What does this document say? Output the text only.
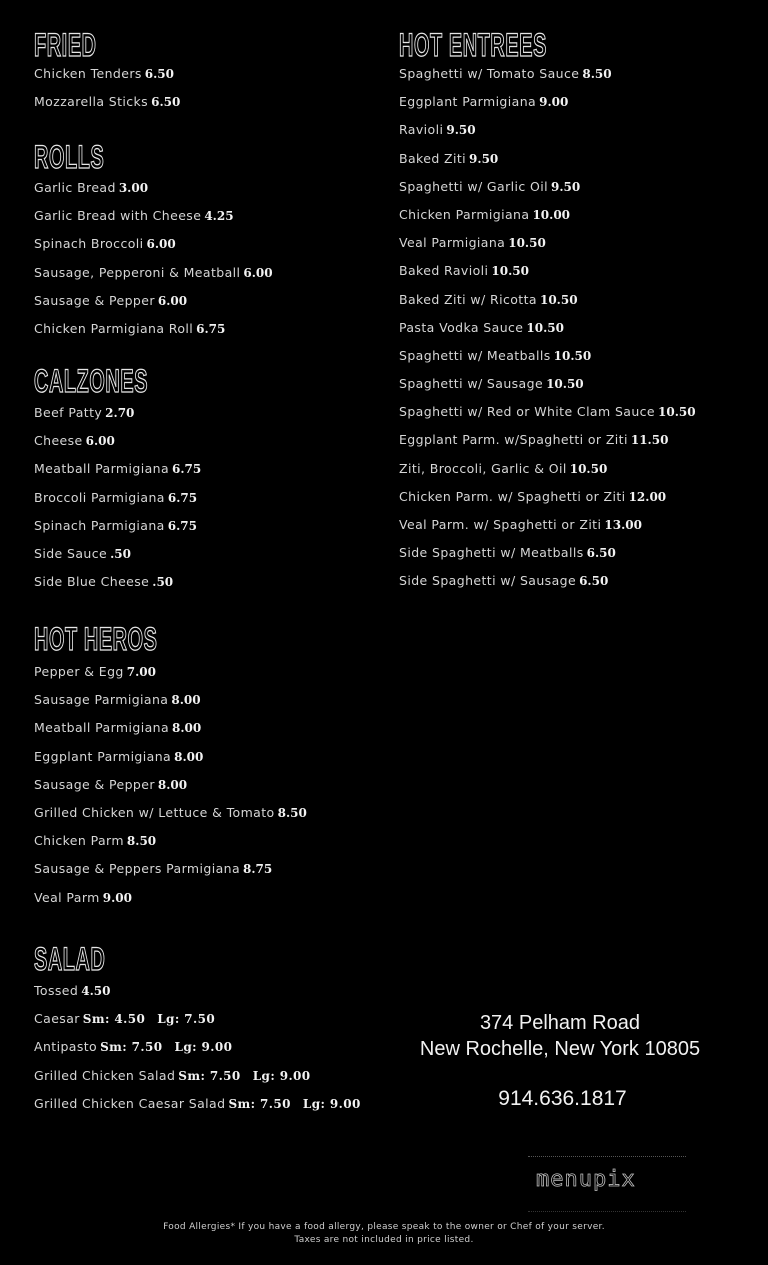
FRIED
Chicken Tenders 6.50
Mozzarella Sticks 6.50
ROLLS
Garlic Bread 3.00
Garlic Bread with Cheese 4.25
Spinach Broccoli 6.00
Sausage, Pepperoni & Meatball 6.00
Sausage & Pepper 6.00
Chicken Parmigiana Roll 6.75
CALZONES
Beef Patty 2.70
Cheese 6.00
Meatball Parmigiana 6.75
Broccoli Parmigiana 6.75
Spinach Parmigiana 6.75
Side Sauce .50
Side Blue Cheese .50
HOT HEROS
Pepper & Egg 7.00
Sausage Parmigiana 8.00
Meatball Parmigiana 8.00
Eggplant Parmigiana 8.00
Sausage & Pepper 8.00
Grilled Chicken w/ Lettuce & Tomato 8.50
Chicken Parm 8.50
Sausage & Peppers Parmigiana 8.75
Veal Parm 9.00
SALAD
Tossed 4.50
Caesar Sm: 4.50 Lg: 7.50
Antipasto Sm: 7.50 Lg: 9.00
Grilled Chicken Salad Sm: 7.50 Lg: 9.00
Grilled Chicken Caesar Salad Sm: 7.50 Lg: 9.00
HOT ENTREES
Spaghetti w/ Tomato Sauce 8.50
Eggplant Parmigiana 9.00
Ravioli 9.50
Baked Ziti 9.50
Spaghetti w/ Garlic Oil 9.50
Chicken Parmigiana 10.00
Veal Parmigiana 10.50
Baked Ravioli 10.50
Baked Ziti w/ Ricotta 10.50
Pasta Vodka Sauce 10.50
Spaghetti w/ Meatballs 10.50
Spaghetti w/ Sausage 10.50
Spaghetti w/ Red or White Clam Sauce 10.50
Eggplant Parm. w/Spaghetti or Ziti 11.50
Ziti, Broccoli, Garlic & Oil 10.50
Chicken Parm. w/ Spaghetti or Ziti 12.00
Veal Parm. w/ Spaghetti or Ziti 13.00
Side Spaghetti w/ Meatballs 6.50
Side Spaghetti w/ Sausage 6.50
374 Pelham Road
New Rochelle, New York 10805
914.636.1817
menupix
Food Allergies* If you have a food allergy, please speak to the owner or Chef of your server.
Taxes are not included in price listed.
